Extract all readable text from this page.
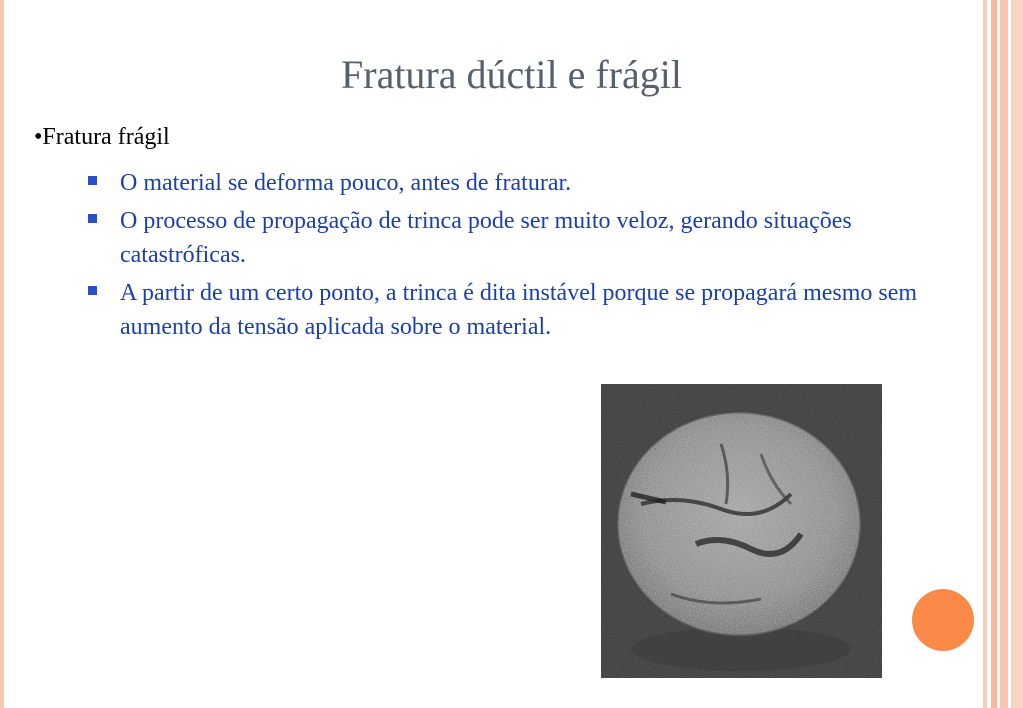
Fratura dúctil e frágil
•Fratura frágil
O material se deforma pouco, antes de fraturar.
O processo de propagação de trinca pode ser muito veloz, gerando situações catastróficas.
A partir de um certo ponto, a trinca é dita instável porque se propagará mesmo sem aumento da tensão aplicada sobre o material.
